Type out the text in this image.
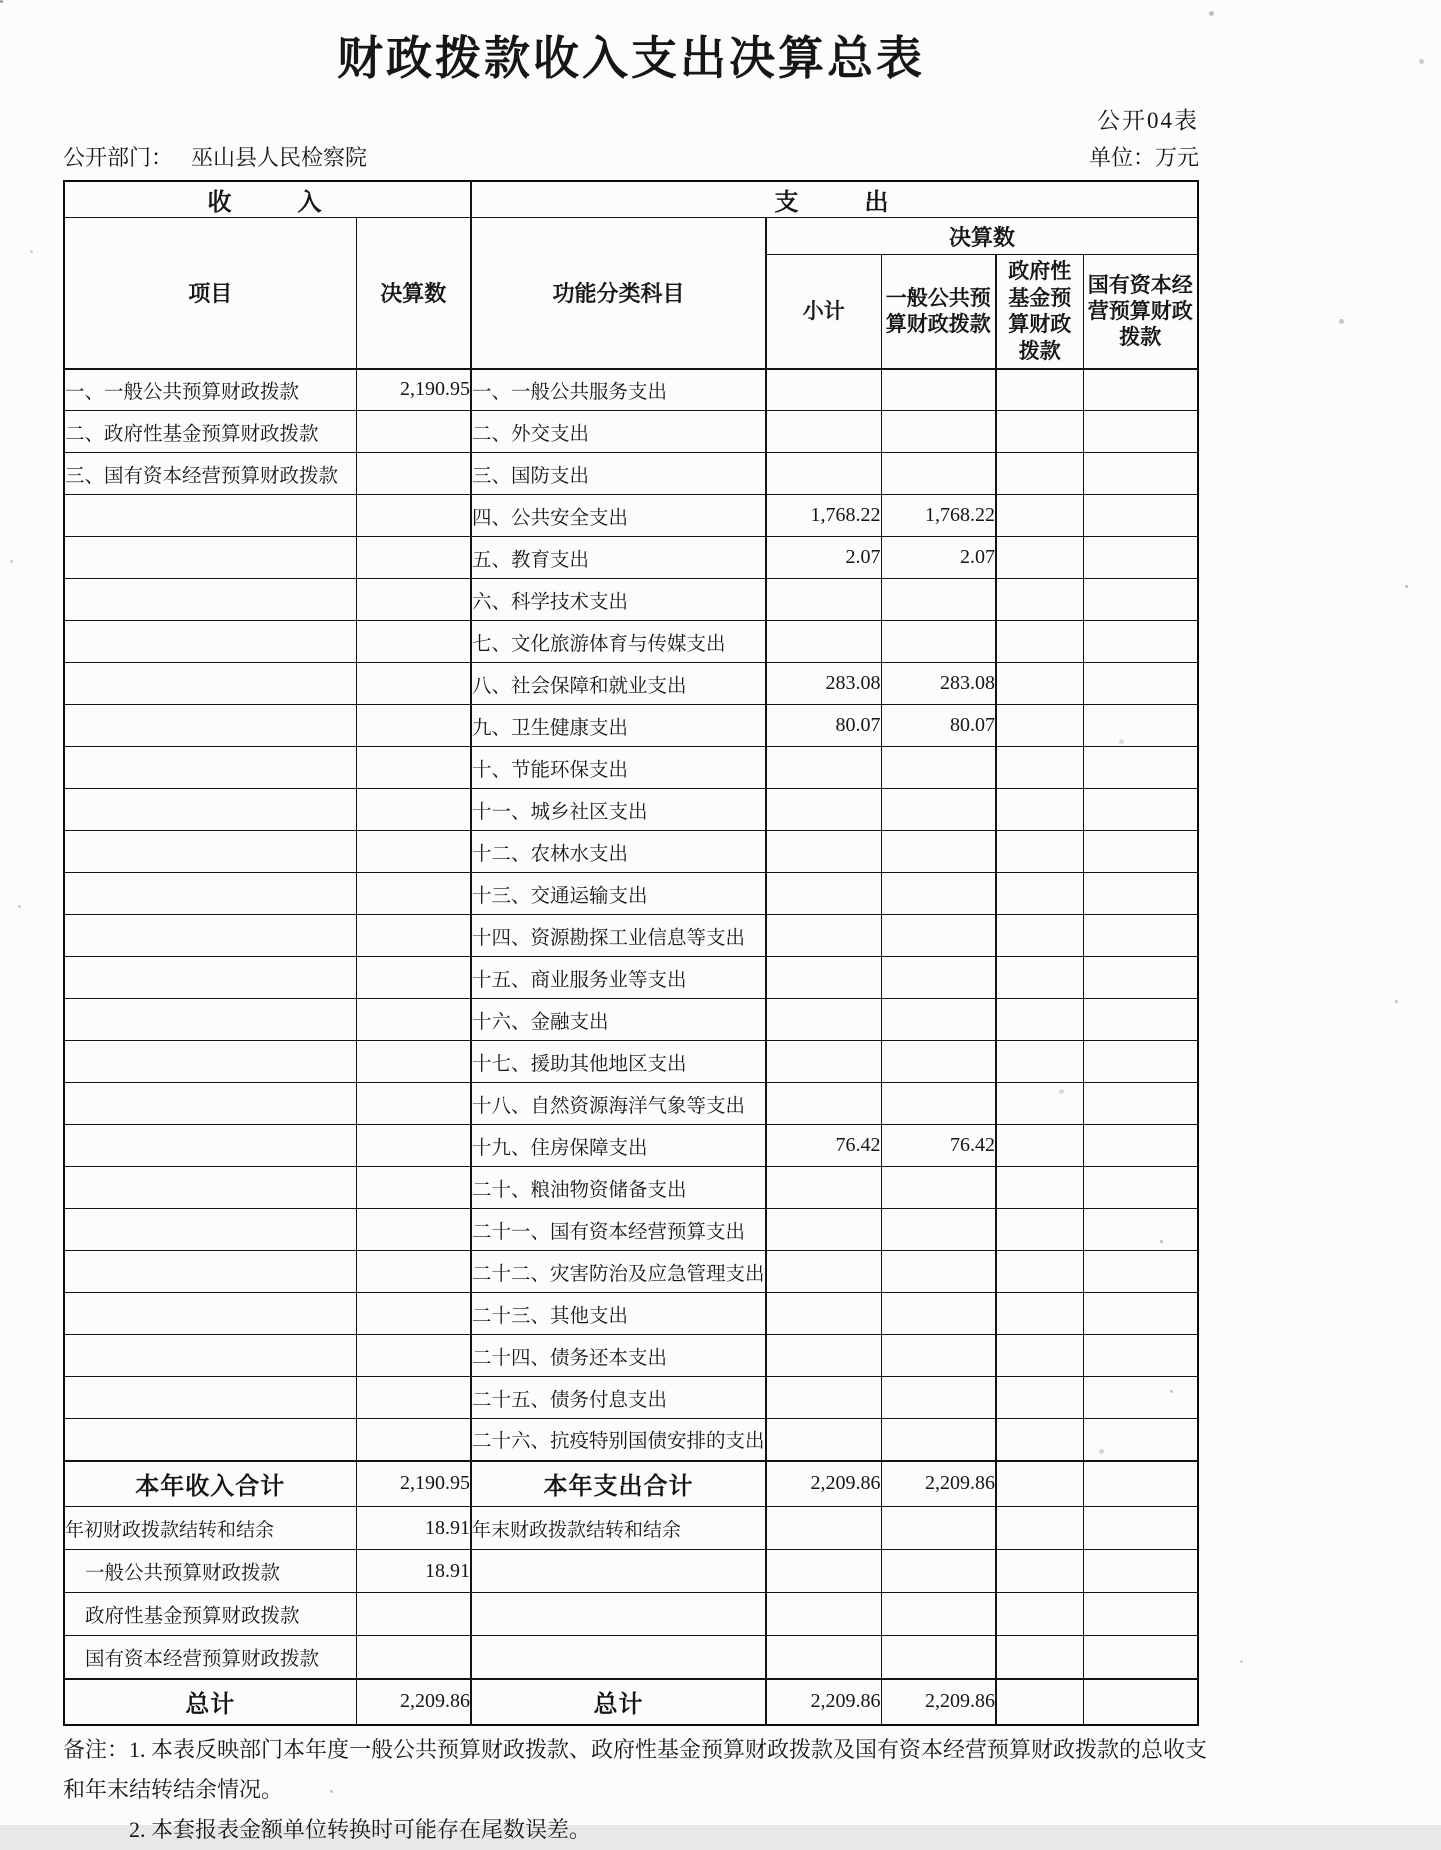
财政拨款收入支出决算总表
公开04表
公开部门： 巫山县人民检察院	单位：万元
收　　入		支　　出				
项目	决算数	功能分类科目	决算数			
			小计	一般公共预算财政拨款	政府性基金预算财政拨款	国有资本经营预算财政拨款
一、一般公共预算财政拨款	2,190.95	一、一般公共服务支出				
二、政府性基金预算财政拨款		二、外交支出				
三、国有资本经营预算财政拨款		三、国防支出				
		四、公共安全支出	1,768.22	1,768.22		
		五、教育支出	2.07	2.07		
		六、科学技术支出				
		七、文化旅游体育与传媒支出				
		八、社会保障和就业支出	283.08	283.08		
		九、卫生健康支出	80.07	80.07		
		十、节能环保支出				
		十一、城乡社区支出				
		十二、农林水支出				
		十三、交通运输支出				
		十四、资源勘探工业信息等支出				
		十五、商业服务业等支出				
		十六、金融支出				
		十七、援助其他地区支出				
		十八、自然资源海洋气象等支出				
		十九、住房保障支出	76.42	76.42		
		二十、粮油物资储备支出				
		二十一、国有资本经营预算支出				
		二十二、灾害防治及应急管理支出				
		二十三、其他支出				
		二十四、债务还本支出				
		二十五、债务付息支出				
		二十六、抗疫特别国债安排的支出				
本年收入合计	2,190.95	本年支出合计	2,209.86	2,209.86		
年初财政拨款结转和结余	18.91	年末财政拨款结转和结余				
一般公共预算财政拨款	18.91					
政府性基金预算财政拨款						
国有资本经营预算财政拨款						
总计	2,209.86	总计	2,209.86	2,209.86		
备注：1. 本表反映部门本年度一般公共预算财政拨款、政府性基金预算财政拨款及国有资本经营预算财政拨款的总收支和年末结转结余情况。
2. 本套报表金额单位转换时可能存在尾数误差。
